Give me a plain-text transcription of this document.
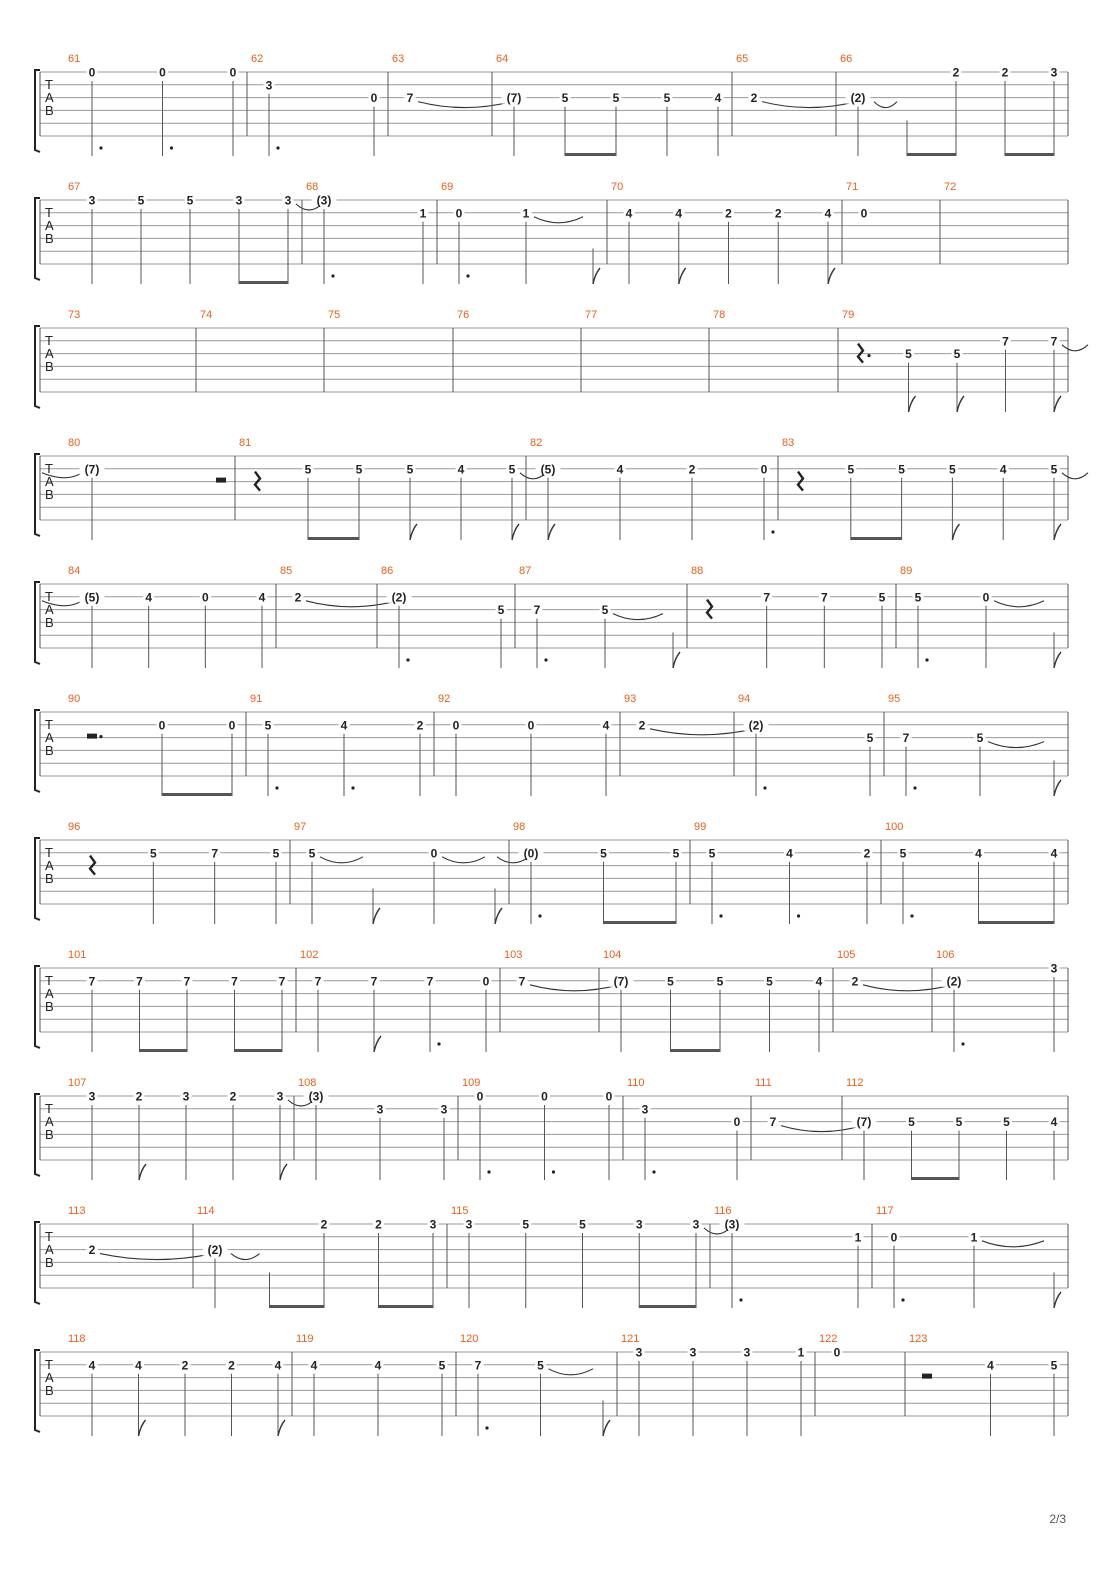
T
A
B
61
0	0	0
62
3
0
63
7
64
(7)	5	5	5	4
65
2
66
(2)
2	2	3
T
A
B
67
3	5	5	3	3
68
(3)
1
69
0	1
70
4	4	2	2	4
71
0
72
T
A
B
73	74	75	76	77	78	79
5	5
7	7
T
A
B
80
(7)
81
5	5	5	4	5
82
(5)	4	2	0
83
5	5	5	4	5
T
A
B
84
(5)	4	0	4
85
2
86
(2)
5
87
7	5
88
7	7	5
89
5	0
T
A
B
90
0	0
91
5	4	2
92
0	0	4
93
2
94
(2)
5
95
7	5
T
A
B
96
5	7	5
97
5	0
98
(0)	5	5
99
5	4	2
100
5	4	4
T
A
B
101
7	7	7	7	7
102
7	7	7	0
103
7
104
(7)	5	5	5	4
105
2
106
(2)
3
T
A
B
107
3	2	3	2	3
108
(3)
3	3
109
0	0	0
110
3
0
111
7
112
(7)	5	5	5	4
T
A
B
113
2
114
(2)
2	2	3
115
3	5	5	3	3
116
(3)
1
117
0	1
T
A
B
118
4	4	2	2	4
119
4	4	5
120
7	5
121
3	3	3	1
122
0
123
4	5
2/3
